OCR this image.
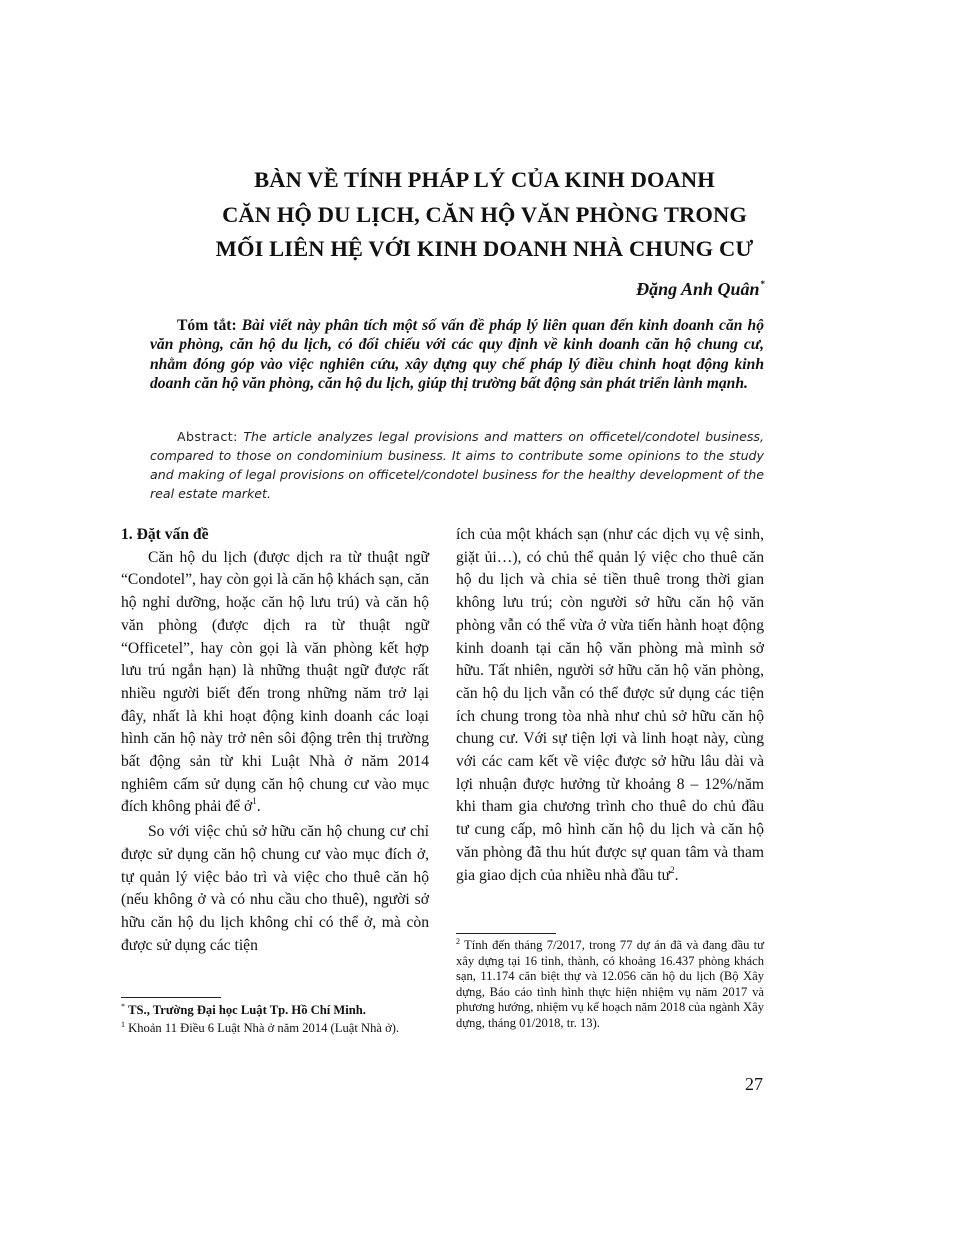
BÀN VỀ TÍNH PHÁP LÝ CỦA KINH DOANH
CĂN HỘ DU LỊCH, CĂN HỘ VĂN PHÒNG TRONG
MỐI LIÊN HỆ VỚI KINH DOANH NHÀ CHUNG CƯ
Đặng Anh Quân*
Tóm tắt: Bài viết này phân tích một số vấn đề pháp lý liên quan đến kinh doanh căn hộ văn phòng, căn hộ du lịch, có đối chiếu với các quy định về kinh doanh căn hộ chung cư, nhằm đóng góp vào việc nghiên cứu, xây dựng quy chế pháp lý điều chỉnh hoạt động kinh doanh căn hộ văn phòng, căn hộ du lịch, giúp thị trường bất động sản phát triển lành mạnh.
Abstract: The article analyzes legal provisions and matters on officetel/condotel business, compared to those on condominium business. It aims to contribute some opinions to the study and making of legal provisions on officetel/condotel business for the healthy development of the real estate market.

1. Đặt vấn đề

Căn hộ du lịch (được dịch ra từ thuật ngữ “Condotel”, hay còn gọi là căn hộ khách sạn, căn hộ nghỉ dưỡng, hoặc căn hộ lưu trú) và căn hộ văn phòng (được dịch ra từ thuật ngữ “Officetel”, hay còn gọi là văn phòng kết hợp lưu trú ngắn hạn) là những thuật ngữ được rất nhiều người biết đến trong những năm trở lại đây, nhất là khi hoạt động kinh doanh các loại hình căn hộ này trở nên sôi động trên thị trường bất động sản từ khi Luật Nhà ở năm 2014 nghiêm cấm sử dụng căn hộ chung cư vào mục đích không phải để ở$^1$.

So với việc chủ sở hữu căn hộ chung cư chỉ được sử dụng căn hộ chung cư vào mục đích ở, tự quản lý việc bảo trì và việc cho thuê căn hộ (nếu không ở và có nhu cầu cho thuê), người sở hữu căn hộ du lịch không chỉ có thể ở, mà còn được sử dụng các tiện

ích của một khách sạn (như các dịch vụ vệ sinh, giặt ủi…), có chủ thể quản lý việc cho thuê căn hộ du lịch và chia sẻ tiền thuê trong thời gian không lưu trú; còn người sở hữu căn hộ văn phòng vẫn có thể vừa ở vừa tiến hành hoạt động kinh doanh tại căn hộ văn phòng mà mình sở hữu. Tất nhiên, người sở hữu căn hộ văn phòng, căn hộ du lịch vẫn có thể được sử dụng các tiện ích chung trong tòa nhà như chủ sở hữu căn hộ chung cư. Với sự tiện lợi và linh hoạt này, cùng với các cam kết về việc được sở hữu lâu dài và lợi nhuận được hưởng từ khoảng 8 – 12%/năm khi tham gia chương trình cho thuê do chủ đầu tư cung cấp, mô hình căn hộ du lịch và căn hộ văn phòng đã thu hút được sự quan tâm và tham gia giao dịch của nhiều nhà đầu $tư^2$.

* TS., Trường Đại học Luật Tp. Hồ Chí Minh.

$^1$ Khoản 11 Điều 6 Luật Nhà ở năm 2014 (Luật Nhà ở).

$^2$ Tính đến tháng 7/2017, trong 77 dự án đã và đang đầu tư xây dựng tại 16 tỉnh, thành, có khoảng 16.437 phòng khách sạn, 11.174 căn biệt thự và 12.056 căn hộ du lịch (Bộ Xây dựng, Báo cáo tình hình thực hiện nhiệm vụ năm 2017 và phương hướng, nhiệm vụ kế hoạch năm 2018 của ngành Xây dựng, tháng 01/2018, tr. 13).

27
